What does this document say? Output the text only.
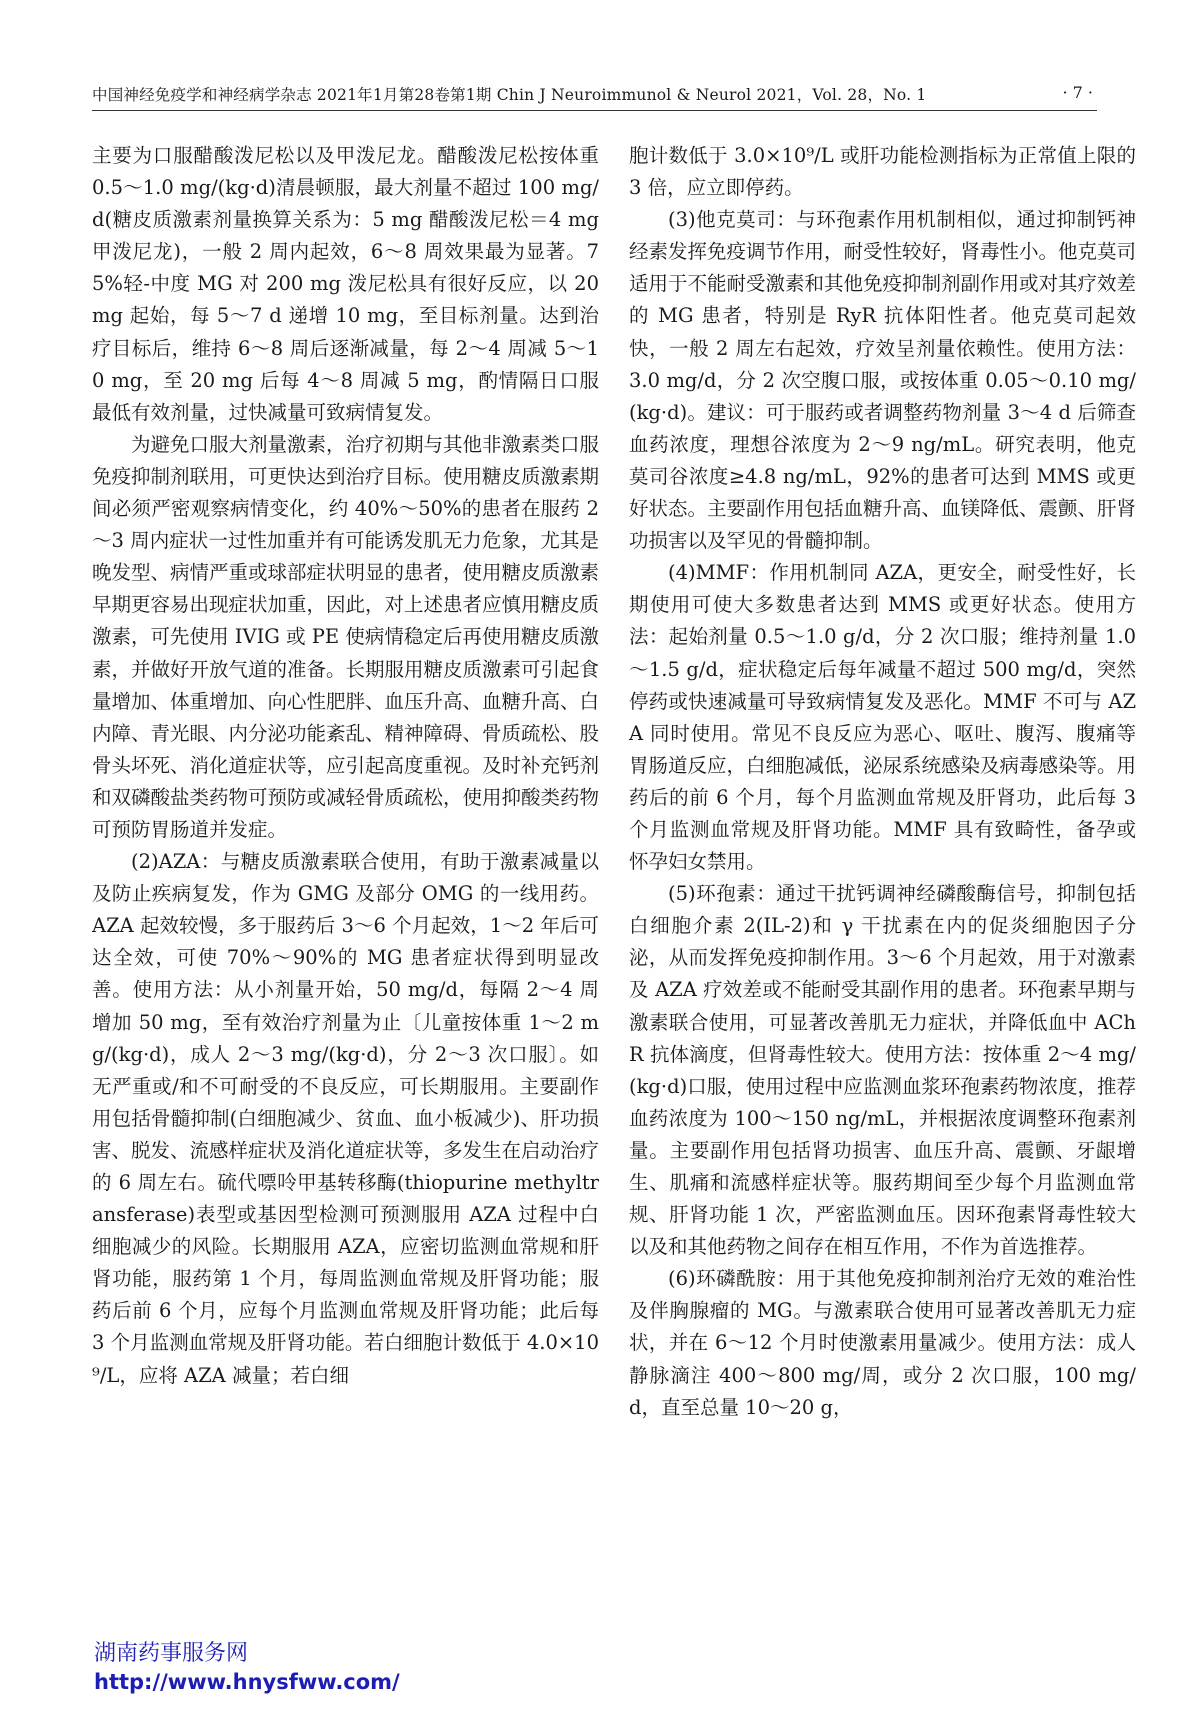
中国神经免疫学和神经病学杂志 2021年1月第28卷第1期 Chin J Neuroimmunol & Neurol 2021，Vol. 28，No. 1	· 7 ·

主要为口服醋酸泼尼松以及甲泼尼龙。醋酸泼尼松按体重 0.5～1.0 mg/(kg·d)清晨顿服，最大剂量不超过 100 mg/d(糖皮质激素剂量换算关系为：5 mg 醋酸泼尼松＝4 mg 甲泼尼龙)，一般 2 周内起效，6～8 周效果最为显著。75%轻-中度 MG 对 200 mg 泼尼松具有很好反应，以 20 mg 起始，每 5～7 d 递增 10 mg，至目标剂量。达到治疗目标后，维持 6～8 周后逐渐减量，每 2～4 周减 5～10 mg，至 20 mg 后每 4～8 周减 5 mg，酌情隔日口服最低有效剂量，过快减量可致病情复发。

为避免口服大剂量激素，治疗初期与其他非激素类口服免疫抑制剂联用，可更快达到治疗目标。使用糖皮质激素期间必须严密观察病情变化，约 40%～50%的患者在服药 2～3 周内症状一过性加重并有可能诱发肌无力危象，尤其是晚发型、病情严重或球部症状明显的患者，使用糖皮质激素早期更容易出现症状加重，因此，对上述患者应慎用糖皮质激素，可先使用 IVIG 或 PE 使病情稳定后再使用糖皮质激素，并做好开放气道的准备。长期服用糖皮质激素可引起食量增加、体重增加、向心性肥胖、血压升高、血糖升高、白内障、青光眼、内分泌功能紊乱、精神障碍、骨质疏松、股骨头坏死、消化道症状等，应引起高度重视。及时补充钙剂和双磷酸盐类药物可预防或减轻骨质疏松，使用抑酸类药物可预防胃肠道并发症。

(2)AZA：与糖皮质激素联合使用，有助于激素减量以及防止疾病复发，作为 GMG 及部分 OMG 的一线用药。AZA 起效较慢，多于服药后 3～6 个月起效，1～2 年后可达全效，可使 70%～90%的 MG 患者症状得到明显改善。使用方法：从小剂量开始，50 mg/d，每隔 2～4 周增加 50 mg，至有效治疗剂量为止〔儿童按体重 1～2 mg/(kg·d)，成人 2～3 mg/(kg·d)，分 2～3 次口服〕。如无严重或/和不可耐受的不良反应，可长期服用。主要副作用包括骨髓抑制(白细胞减少、贫血、血小板减少)、肝功损害、脱发、流感样症状及消化道症状等，多发生在启动治疗的 6 周左右。硫代嘌呤甲基转移酶(thiopurine methyltransferase)表型或基因型检测可预测服用 AZA 过程中白细胞减少的风险。长期服用 AZA，应密切监测血常规和肝肾功能，服药第 1 个月，每周监测血常规及肝肾功能；服药后前 6 个月，应每个月监测血常规及肝肾功能；此后每 3 个月监测血常规及肝肾功能。若白细胞计数低于 4.0×10⁹/L，应将 AZA 减量；若白细

胞计数低于 3.0×10⁹/L 或肝功能检测指标为正常值上限的 3 倍，应立即停药。

(3)他克莫司：与环孢素作用机制相似，通过抑制钙神经素发挥免疫调节作用，耐受性较好，肾毒性小。他克莫司适用于不能耐受激素和其他免疫抑制剂副作用或对其疗效差的 MG 患者，特别是 RyR 抗体阳性者。他克莫司起效快，一般 2 周左右起效，疗效呈剂量依赖性。使用方法：3.0 mg/d，分 2 次空腹口服，或按体重 0.05～0.10 mg/(kg·d)。建议：可于服药或者调整药物剂量 3～4 d 后筛查血药浓度，理想谷浓度为 2～9 ng/mL。研究表明，他克莫司谷浓度≥4.8 ng/mL，92%的患者可达到 MMS 或更好状态。主要副作用包括血糖升高、血镁降低、震颤、肝肾功损害以及罕见的骨髓抑制。

(4)MMF：作用机制同 AZA，更安全，耐受性好，长期使用可使大多数患者达到 MMS 或更好状态。使用方法：起始剂量 0.5～1.0 g/d，分 2 次口服；维持剂量 1.0～1.5 g/d，症状稳定后每年减量不超过 500 mg/d，突然停药或快速减量可导致病情复发及恶化。MMF 不可与 AZA 同时使用。常见不良反应为恶心、呕吐、腹泻、腹痛等胃肠道反应，白细胞减低，泌尿系统感染及病毒感染等。用药后的前 6 个月，每个月监测血常规及肝肾功，此后每 3 个月监测血常规及肝肾功能。MMF 具有致畸性，备孕或怀孕妇女禁用。

(5)环孢素：通过干扰钙调神经磷酸酶信号，抑制包括白细胞介素 2(IL-2)和 γ 干扰素在内的促炎细胞因子分泌，从而发挥免疫抑制作用。3～6 个月起效，用于对激素及 AZA 疗效差或不能耐受其副作用的患者。环孢素早期与激素联合使用，可显著改善肌无力症状，并降低血中 AChR 抗体滴度，但肾毒性较大。使用方法：按体重 2～4 mg/(kg·d)口服，使用过程中应监测血浆环孢素药物浓度，推荐血药浓度为 100～150 ng/mL，并根据浓度调整环孢素剂量。主要副作用包括肾功损害、血压升高、震颤、牙龈增生、肌痛和流感样症状等。服药期间至少每个月监测血常规、肝肾功能 1 次，严密监测血压。因环孢素肾毒性较大以及和其他药物之间存在相互作用，不作为首选推荐。

(6)环磷酰胺：用于其他免疫抑制剂治疗无效的难治性及伴胸腺瘤的 MG。与激素联合使用可显著改善肌无力症状，并在 6～12 个月时使激素用量减少。使用方法：成人静脉滴注 400～800 mg/周，或分 2 次口服，100 mg/d，直至总量 10～20 g，

湖南药事服务网
http://www.hnysfww.com/
